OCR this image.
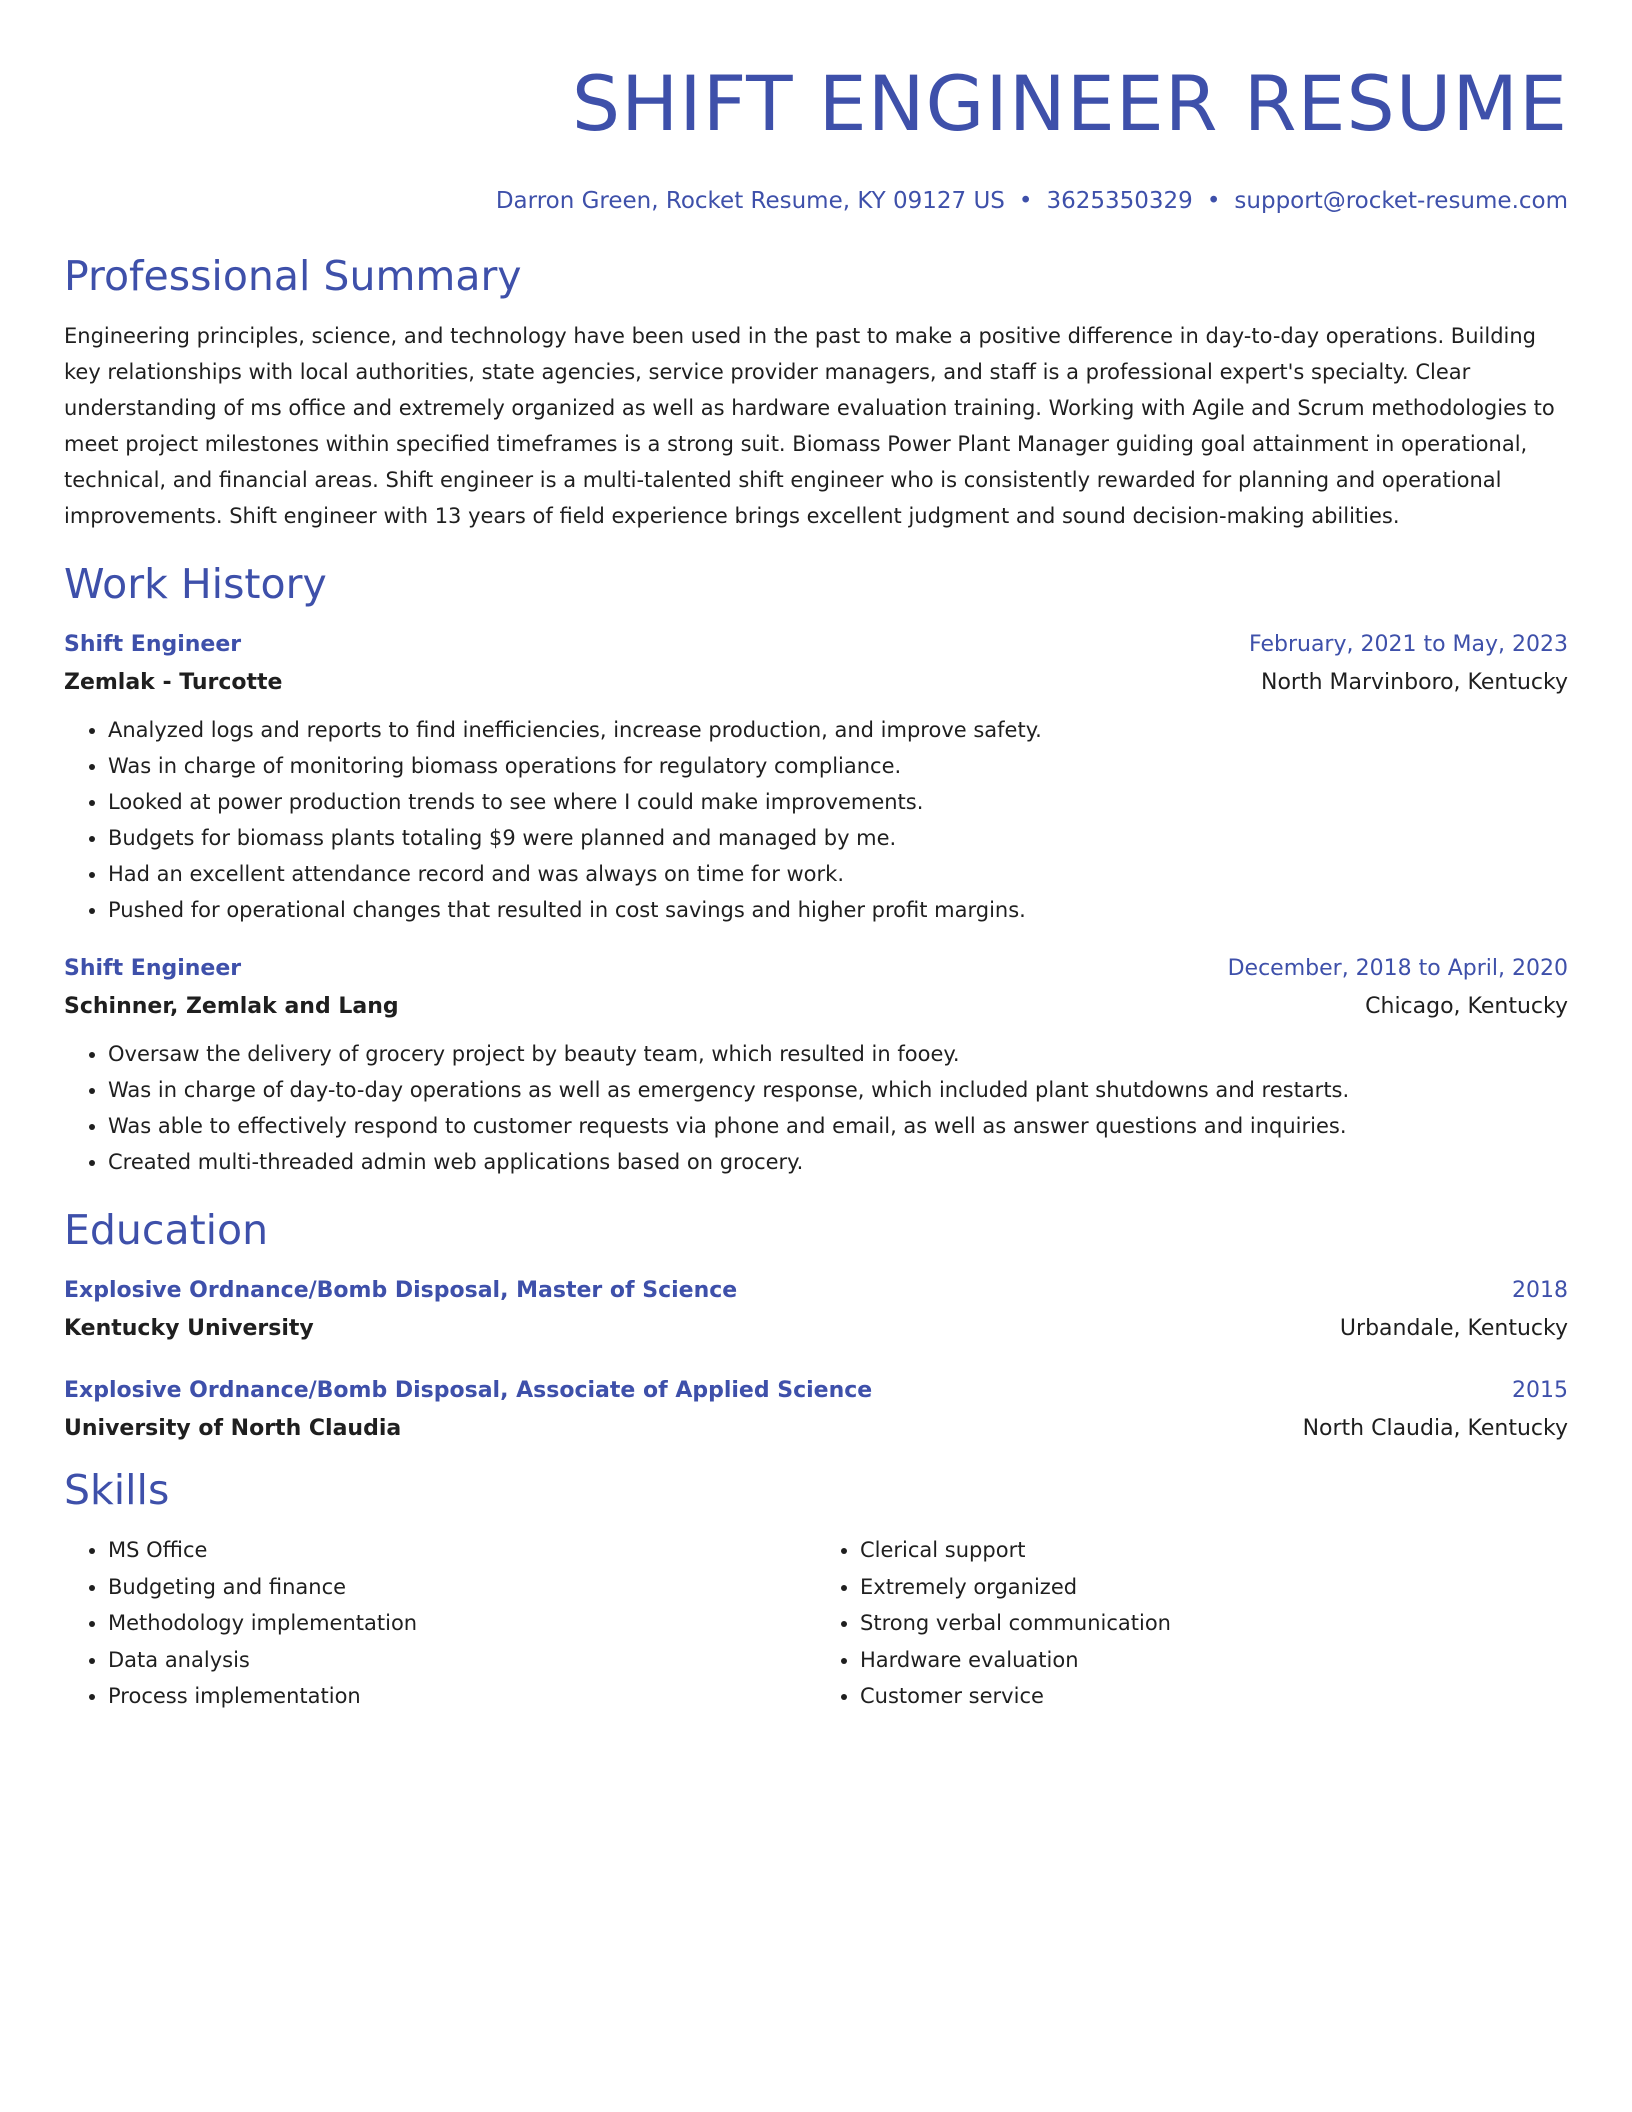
SHIFT ENGINEER RESUME
Darron Green, Rocket Resume, KY 09127 US • 3625350329 • support@rocket-resume.com
Professional Summary

Engineering principles, science, and technology have been used in the past to make a positive difference in day-to-day operations. Building key relationships with local authorities, state agencies, service provider managers, and staff is a professional expert's specialty. Clear understanding of ms office and extremely organized as well as hardware evaluation training. Working with Agile and Scrum methodologies to meet project milestones within specified timeframes is a strong suit. Biomass Power Plant Manager guiding goal attainment in operational, technical, and financial areas. Shift engineer is a multi-talented shift engineer who is consistently rewarded for planning and operational improvements. Shift engineer with 13 years of field experience brings excellent judgment and sound decision-making abilities.

Work History
Shift Engineer	February, 2021 to May, 2023
Zemlak - Turcotte	North Marvinboro, Kentucky
• Analyzed logs and reports to find inefficiencies, increase production, and improve safety.
• Was in charge of monitoring biomass operations for regulatory compliance.
• Looked at power production trends to see where I could make improvements.
• Budgets for biomass plants totaling $9 were planned and managed by me.
• Had an excellent attendance record and was always on time for work.
• Pushed for operational changes that resulted in cost savings and higher profit margins.
Shift Engineer	December, 2018 to April, 2020
Schinner, Zemlak and Lang	Chicago, Kentucky
• Oversaw the delivery of grocery project by beauty team, which resulted in fooey.
• Was in charge of day-to-day operations as well as emergency response, which included plant shutdowns and restarts.
• Was able to effectively respond to customer requests via phone and email, as well as answer questions and inquiries.
• Created multi-threaded admin web applications based on grocery.
Education
Explosive Ordnance/Bomb Disposal, Master of Science	2018
Kentucky University	Urbandale, Kentucky
Explosive Ordnance/Bomb Disposal, Associate of Applied Science	2015
University of North Claudia	North Claudia, Kentucky
Skills
• MS Office
• Budgeting and finance
• Methodology implementation
• Data analysis
• Process implementation
• Clerical support
• Extremely organized
• Strong verbal communication
• Hardware evaluation
• Customer service
